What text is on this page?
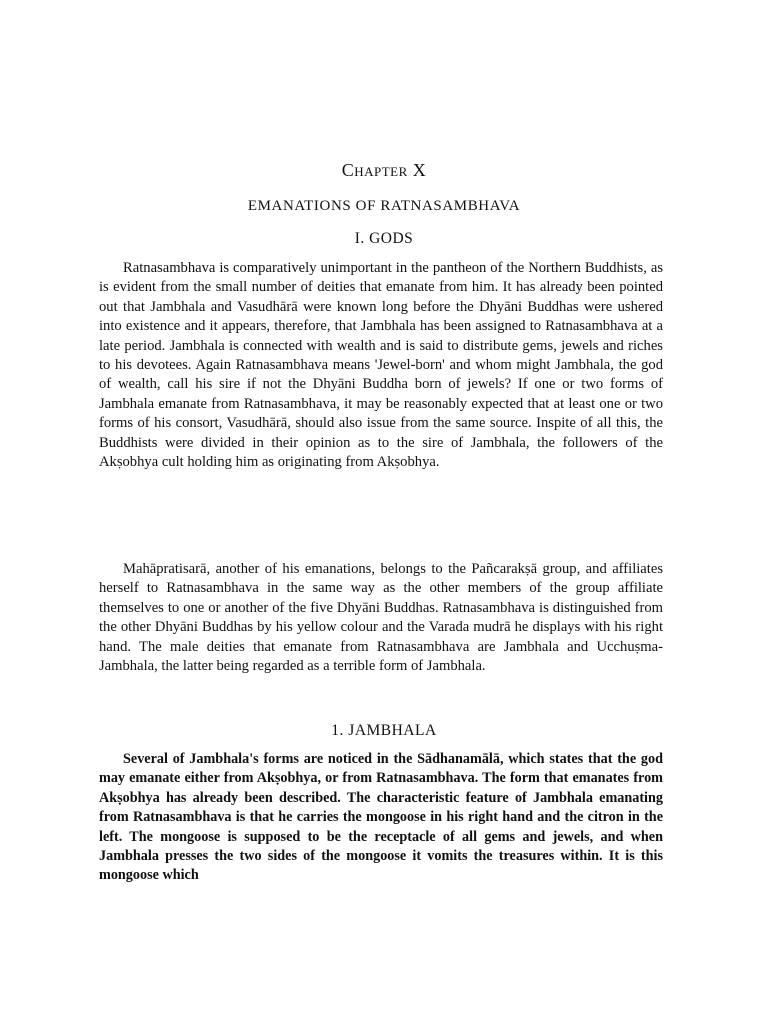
Chapter X
EMANATIONS OF RATNASAMBHAVA
I. GODS

Ratnasambhava is comparatively unimportant in the pantheon of the Northern Buddhists, as is evident from the small number of deities that emanate from him. It has already been pointed out that Jambhala and Vasudhārā were known long before the Dhyāni Buddhas were ushered into existence and it appears, therefore, that Jambhala has been assigned to Ratnasambhava at a late period. Jambhala is connected with wealth and is said to distribute gems, jewels and riches to his devotees. Again Ratnasambhava means 'Jewel-born' and whom might Jambhala, the god of wealth, call his sire if not the Dhyāni Buddha born of jewels? If one or two forms of Jambhala emanate from Ratnasambhava, it may be reasonably expected that at least one or two forms of his consort, Vasudhārā, should also issue from the same source. Inspite of all this, the Buddhists were divided in their opinion as to the sire of Jambhala, the followers of the Akṣobhya cult holding him as originating from Akṣobhya.

Mahāpratisarā, another of his emanations, belongs to the Pañcarakṣā group, and affiliates herself to Ratnasambhava in the same way as the other members of the group affiliate themselves to one or another of the five Dhyāni Buddhas. Ratnasambhava is distinguished from the other Dhyāni Buddhas by his yellow colour and the Varada mudrā he displays with his right hand. The male deities that emanate from Ratnasambhava are Jambhala and Ucchuṣma-Jambhala, the latter being regarded as a terrible form of Jambhala.

1. JAMBHALA

Several of Jambhala's forms are noticed in the Sādhanamālā, which states that the god may emanate either from Akṣobhya, or from Ratnasambhava. The form that emanates from Akṣobhya has already been described. The characteristic feature of Jambhala emanating from Ratnasambhava is that he carries the mongoose in his right hand and the citron in the left. The mongoose is supposed to be the receptacle of all gems and jewels, and when Jambhala presses the two sides of the mongoose it vomits the treasures within. It is this mongoose which
